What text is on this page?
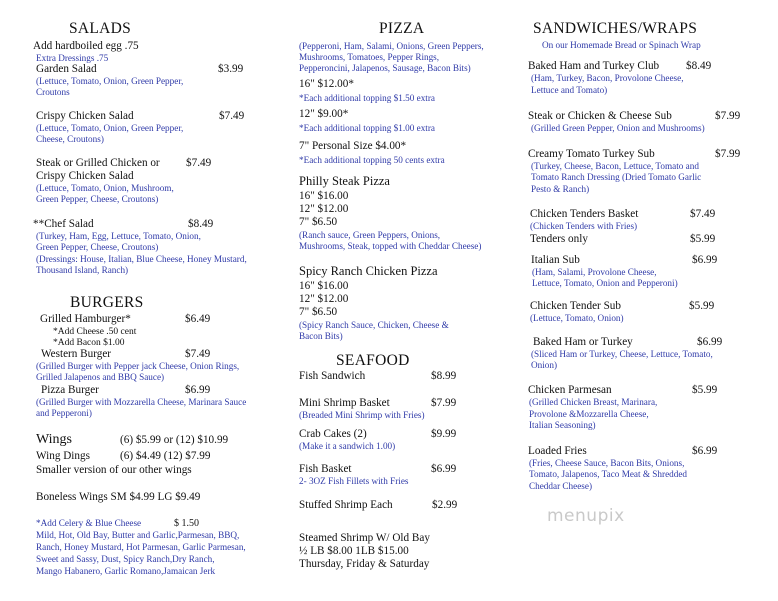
SALADS
Add hardboiled egg .75
Extra Dressings .75
Garden Salad	$3.99
(Lettuce, Tomato, Onion, Green Pepper,
Croutons
Crispy Chicken Salad	$7.49
(Lettuce, Tomato, Onion, Green Pepper,
Cheese, Croutons)
Steak or Grilled Chicken or $7.49
Crispy Chicken Salad
(Lettuce, Tomato, Onion, Mushroom,
Green Pepper, Cheese, Croutons)
**Chef Salad	$8.49
(Turkey, Ham, Egg, Lettuce, Tomato, Onion,
Green Pepper, Cheese, Croutons)
(Dressings: House, Italian, Blue Cheese, Honey Mustard,
Thousand Island, Ranch)
BURGERS
Grilled Hamburger*	$6.49
*Add Cheese .50 cent
*Add Bacon $1.00
Western Burger	$7.49
(Grilled Burger with Pepper jack Cheese, Onion Rings,
Grilled Jalapenos and BBQ Sauce)
Pizza Burger	$6.99
(Grilled Burger with Mozzarella Cheese, Marinara Sauce
and Pepperoni)
Wings	(6) $5.99 or (12) $10.99
Wing Dings	(6) $4.49 (12) $7.99
Smaller version of our other wings
Boneless Wings SM $4.99 LG $9.49
*Add Celery & Blue Cheese	$ 1.50
Mild, Hot, Old Bay, Butter and Garlic,Parmesan, BBQ,
Ranch, Honey Mustard, Hot Parmesan, Garlic Parmesan,
Sweet and Sassy, Dust, Spicy Ranch,Dry Ranch,
Mango Habanero, Garlic Romano,Jamaican Jerk
PIZZA
(Pepperoni, Ham, Salami, Onions, Green Peppers,
Mushrooms, Tomatoes, Pepper Rings,
Pepperoncini, Jalapenos, Sausage, Bacon Bits)
16" $12.00*
*Each additional topping $1.50 extra
12" $9.00*
*Each additional topping $1.00 extra
7" Personal Size $4.00*
*Each additional topping 50 cents extra
Philly Steak Pizza
16" $16.00
12" $12.00
7" $6.50
(Ranch sauce, Green Peppers, Onions,
Mushrooms, Steak, topped with Cheddar Cheese)
Spicy Ranch Chicken Pizza
16" $16.00
12" $12.00
7" $6.50
(Spicy Ranch Sauce, Chicken, Cheese &
Bacon Bits)
SEAFOOD
Fish Sandwich	$8.99
Mini Shrimp Basket	$7.99
(Breaded Mini Shrimp with Fries)
Crab Cakes (2)	$9.99
(Make it a sandwich 1.00)
Fish Basket	$6.99
2- 3OZ Fish Fillets with Fries
Stuffed Shrimp Each	$2.99
Steamed Shrimp W/ Old Bay
½ LB $8.00 1LB $15.00
Thursday, Friday & Saturday
SANDWICHES/WRAPS
On our Homemade Bread or Spinach Wrap
Baked Ham and Turkey Club $8.49
(Ham, Turkey, Bacon, Provolone Cheese,
Lettuce and Tomato)
Steak or Chicken & Cheese Sub	$7.99
(Grilled Green Pepper, Onion and Mushrooms)
Creamy Tomato Turkey Sub	$7.99
(Turkey, Cheese, Bacon, Lettuce, Tomato and
Tomato Ranch Dressing (Dried Tomato Garlic
Pesto & Ranch)
Chicken Tenders Basket	$7.49
(Chicken Tenders with Fries)
Tenders only	$5.99
Italian Sub	$6.99
(Ham, Salami, Provolone Cheese,
Lettuce, Tomato, Onion and Pepperoni)
Chicken Tender Sub	$5.99
(Lettuce, Tomato, Onion)
Baked Ham or Turkey	$6.99
(Sliced Ham or Turkey, Cheese, Lettuce, Tomato,
Onion)
Chicken Parmesan	$5.99
(Grilled Chicken Breast, Marinara,
Provolone &Mozzarella Cheese,
Italian Seasoning)
Loaded Fries	$6.99
(Fries, Cheese Sauce, Bacon Bits, Onions,
Tomato, Jalapenos, Taco Meat & Shredded
Cheddar Cheese)
menupix
